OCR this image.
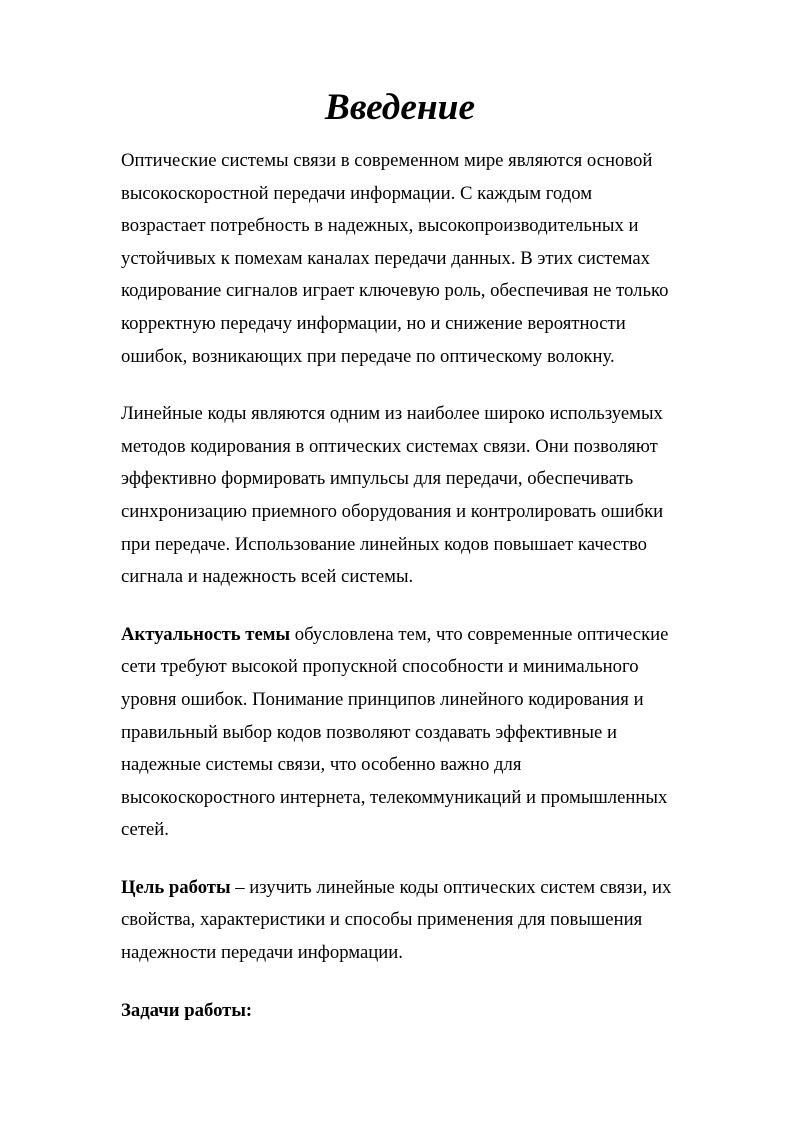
Введение

Оптические системы связи в современном мире являются основой
высокоскоростной передачи информации. С каждым годом
возрастает потребность в надежных, высокопроизводительных и
устойчивых к помехам каналах передачи данных. В этих системах
кодирование сигналов играет ключевую роль, обеспечивая не только
корректную передачу информации, но и снижение вероятности
ошибок, возникающих при передаче по оптическому волокну.

Линейные коды являются одним из наиболее широко используемых
методов кодирования в оптических системах связи. Они позволяют
эффективно формировать импульсы для передачи, обеспечивать
синхронизацию приемного оборудования и контролировать ошибки
при передаче. Использование линейных кодов повышает качество
сигнала и надежность всей системы.

Актуальность темы обусловлена тем, что современные оптические
сети требуют высокой пропускной способности и минимального
уровня ошибок. Понимание принципов линейного кодирования и
правильный выбор кодов позволяют создавать эффективные и
надежные системы связи, что особенно важно для
высокоскоростного интернета, телекоммуникаций и промышленных
сетей.

Цель работы – изучить линейные коды оптических систем связи, их
свойства, характеристики и способы применения для повышения
надежности передачи информации.

Задачи работы:
